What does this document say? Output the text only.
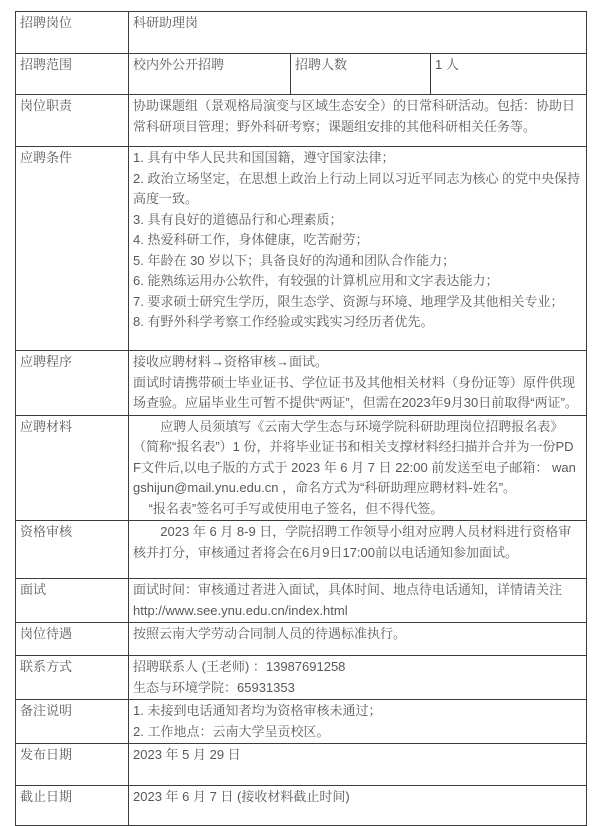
招聘岗位	科研助理岗		

招聘范围	校内外公开招聘	招聘人数	1 人

岗位职责	协助课题组（景观格局演变与区域生态安全）的日常科研活动。包括：协助日常科研项目管理；野外科研考察；课题组安排的其他科研相关任务等。		

应聘条件	1. 具有中华人民共和国国籍，遵守国家法律；
2. 政治立场坚定，在思想上政治上行动上同以习近平同志为核心 的党中央保持高度一致。
3. 具有良好的道德品行和心理素质；
4. 热爱科研工作，身体健康，吃苦耐劳；
5. 年龄在 30 岁以下；具备良好的沟通和团队合作能力；
6. 能熟练运用办公软件，有较强的计算机应用和文字表达能力；
7. 要求硕士研究生学历，限生态学、资源与环境、地理学及其他相关专业；
8. 有野外科学考察工作经验或实践实习经历者优先。

应聘程序	接收应聘材料→资格审核→面试。
面试时请携带硕士毕业证书、学位证书及其他相关材料（身份证等）原件供现场查验。应届毕业生可暂不提供“两证”，但需在2023年9月30日前取得“两证”。		

应聘材料	应聘人员须填写《云南大学生态与环境学院科研助理岗位招聘报名表》（简称“报名表”）1 份，并将毕业证书和相关支撑材料经扫描并合并为一份PDF文件后,以电子版的方式于 2023 年 6 月 7 日 22:00 前发送至电子邮箱： wangshijun@mail.ynu.edu.cn ，命名方式为“科研助理应聘材料-姓名”。
“报名表”签名可手写或使用电子签名，但不得代签。		

资格审核	2023 年 6 月 8-9 日，学院招聘工作领导小组对应聘人员材料进行资格审核并打分，审核通过者将会在6月9日17:00前以电话通知参加面试。		

面试	面试时间：审核通过者进入面试，具体时间、地点待电话通知，详情请关注
http://www.see.ynu.edu.cn/index.html		

岗位待遇	按照云南大学劳动合同制人员的待遇标准执行。		

联系方式	招聘联系人 (王老师) ：13987691258
生态与环境学院：65931353		

备注说明	1. 未接到电话通知者均为资格审核未通过；
2. 工作地点：云南大学呈贡校区。		

发布日期	2023 年 5 月 29 日		

截止日期	2023 年 6 月 7 日 (接收材料截止时间)		
